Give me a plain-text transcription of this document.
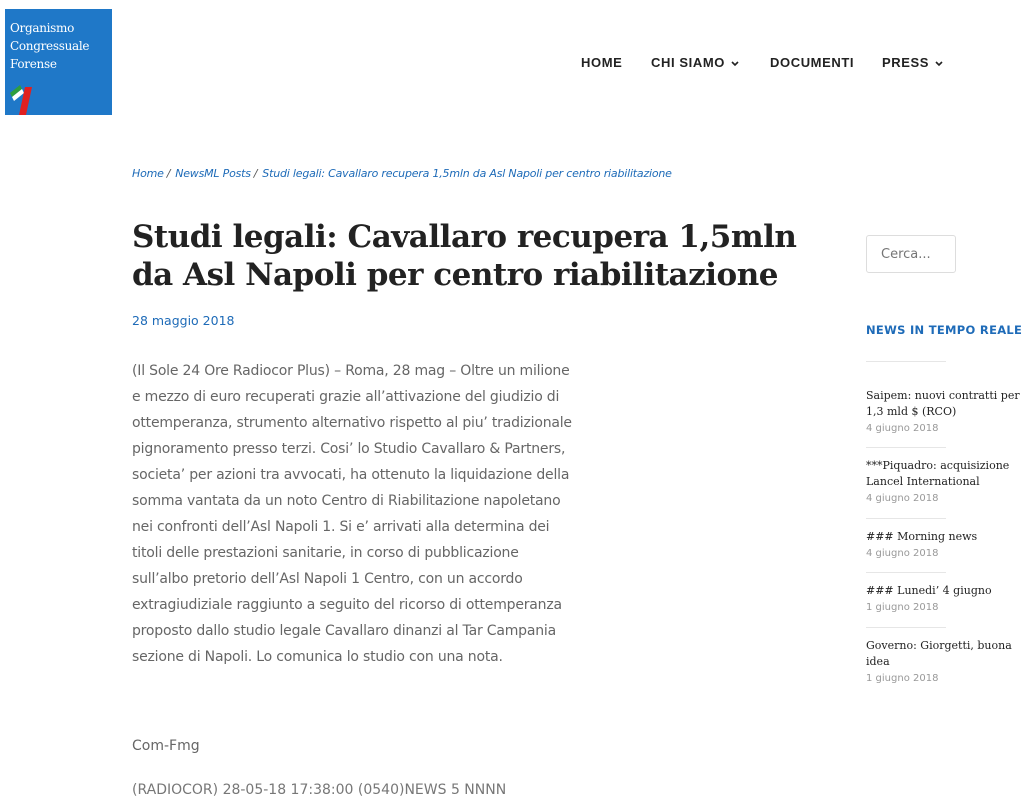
Organismo
Congressuale
Forense	HOME CHI SIAMO	DOCUMENTI PRESS
Home / NewsML Posts / Studi legali: Cavallaro recupera 1,5mln da Asl Napoli per centro riabilitazione
Studi legali: Cavallaro recupera 1,5mln da Asl Napoli per centro riabilitazione
28 maggio 2018

(Il Sole 24 Ore Radiocor Plus) – Roma, 28 mag – Oltre un milione e mezzo di euro recuperati grazie all’attivazione del giudizio di ottemperanza, strumento alternativo rispetto al piu’ tradizionale pignoramento presso terzi. Cosi’ lo Studio Cavallaro & Partners, societa’ per azioni tra avvocati, ha ottenuto la liquidazione della somma vantata da un noto Centro di Riabilitazione napoletano nei confronti dell’Asl Napoli 1. Si e’ arrivati alla determina dei titoli delle prestazioni sanitarie, in corso di pubblicazione sull’albo pretorio dell’Asl Napoli 1 Centro, con un accordo extragiudiziale raggiunto a seguito del ricorso di ottemperanza proposto dallo studio legale Cavallaro dinanzi al Tar Campania sezione di Napoli. Lo comunica lo studio con una nota.

Com-Fmg
(RADIOCOR) 28-05-18 17:38:00 (0540)NEWS 5 NNNN
Cerca...
NEWS IN TEMPO REALE
Saipem: nuovi contratti per
1,3 mld $ (RCO)
4 giugno 2018
***Piquadro: acquisizione
Lancel International
4 giugno 2018
### Morning news
4 giugno 2018
### Lunedi’ 4 giugno
1 giugno 2018
Governo: Giorgetti, buona
idea
1 giugno 2018
